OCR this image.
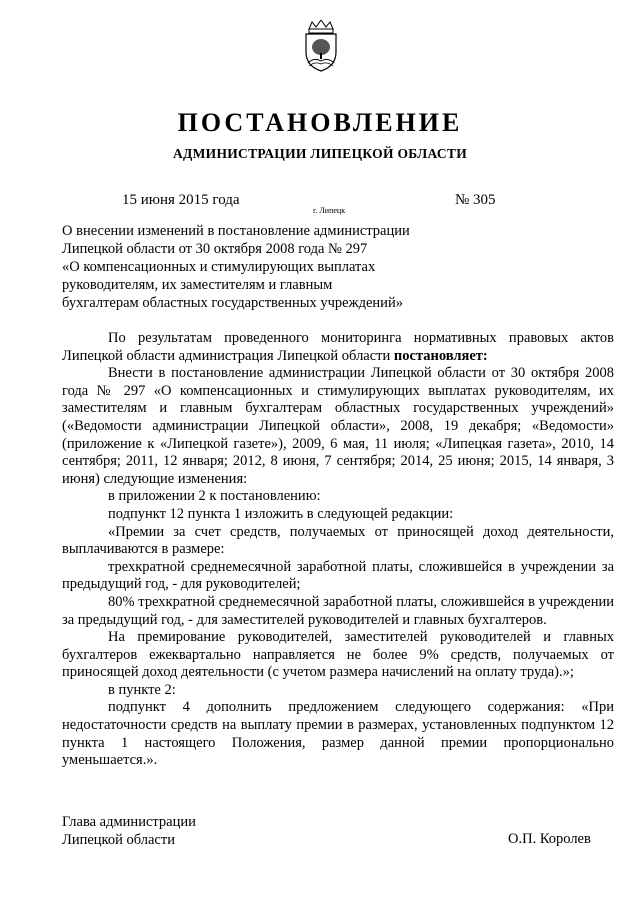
ПОСТАНОВЛЕНИЕ
АДМИНИСТРАЦИИ ЛИПЕЦКОЙ ОБЛАСТИ
15 июня 2015 года
г. Липецк
№ 305
О внесении изменений в постановление администрации
Липецкой области от 30 октября 2008 года № 297
«О компенсационных и стимулирующих выплатах
руководителям, их заместителям и главным
бухгалтерам областных государственных учреждений»

По результатам проведенного мониторинга нормативных правовых актов Липецкой области администрация Липецкой области постановляет:

Внести в постановление администрации Липецкой области от 30 октября 2008 года № 297 «О компенсационных и стимулирующих выплатах руководителям, их заместителям и главным бухгалтерам областных государственных учреждений» («Ведомости администрации Липецкой области», 2008, 19 декабря; «Ведомости» (приложение к «Липецкой газете»), 2009, 6 мая, 11 июля; «Липецкая газета», 2010, 14 сентября; 2011, 12 января; 2012, 8 июня, 7 сентября; 2014, 25 июня; 2015, 14 января, 3 июня) следующие изменения:

в приложении 2 к постановлению:

подпункт 12 пункта 1 изложить в следующей редакции:

«Премии за счет средств, получаемых от приносящей доход деятельности, выплачиваются в размере:

трехкратной среднемесячной заработной платы, сложившейся в учреждении за предыдущий год, - для руководителей;

80% трехкратной среднемесячной заработной платы, сложившейся в учреждении за предыдущий год, - для заместителей руководителей и главных бухгалтеров.

На премирование руководителей, заместителей руководителей и главных бухгалтеров ежеквартально направляется не более 9% средств, получаемых от приносящей доход деятельности (с учетом размера начислений на оплату труда).»;

в пункте 2:

подпункт 4 дополнить предложением следующего содержания: «При недостаточности средств на выплату премии в размерах, установленных подпунктом 12 пункта 1 настоящего Положения, размер данной премии пропорционально уменьшается.».

Глава администрации
Липецкой области	О.П. Королев
